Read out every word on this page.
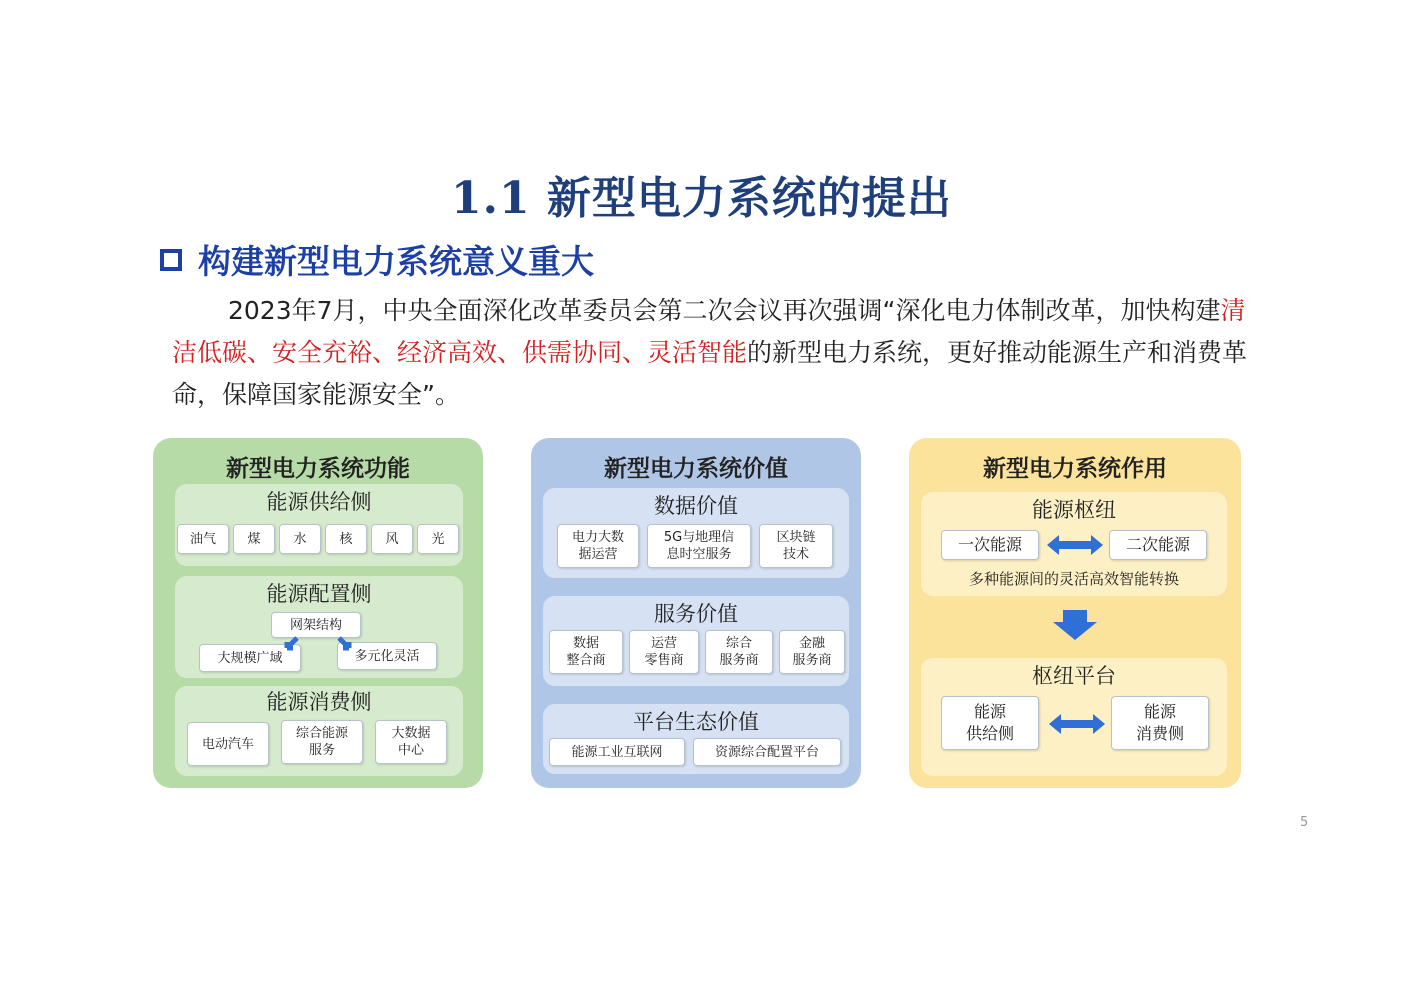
1.1 新型电力系统的提出
构建新型电力系统意义重大
2023年7月，中央全面深化改革委员会第二次会议再次强调“深化电力体制改革，加快构建清洁低碳、安全充裕、经济高效、供需协同、灵活智能的新型电力系统，更好推动能源生产和消费革命，保障国家能源安全”。
新型电力系统功能
能源供给侧
油气	煤	水	核	风	光
能源配置侧
网架结构
大规模广域	多元化灵活
能源消费侧
电动汽车
综合能源
服务
大数据
中心
新型电力系统价值
数据价值
电力大数
据运营
5G与地理信
息时空服务
区块链
技术
服务价值
数据
整合商
运营
零售商
综合
服务商
金融
服务商
平台生态价值
能源工业互联网	资源综合配置平台
新型电力系统作用
能源枢纽
一次能源	二次能源
多种能源间的灵活高效智能转换
枢纽平台
能源
供给侧
能源
消费侧
5
